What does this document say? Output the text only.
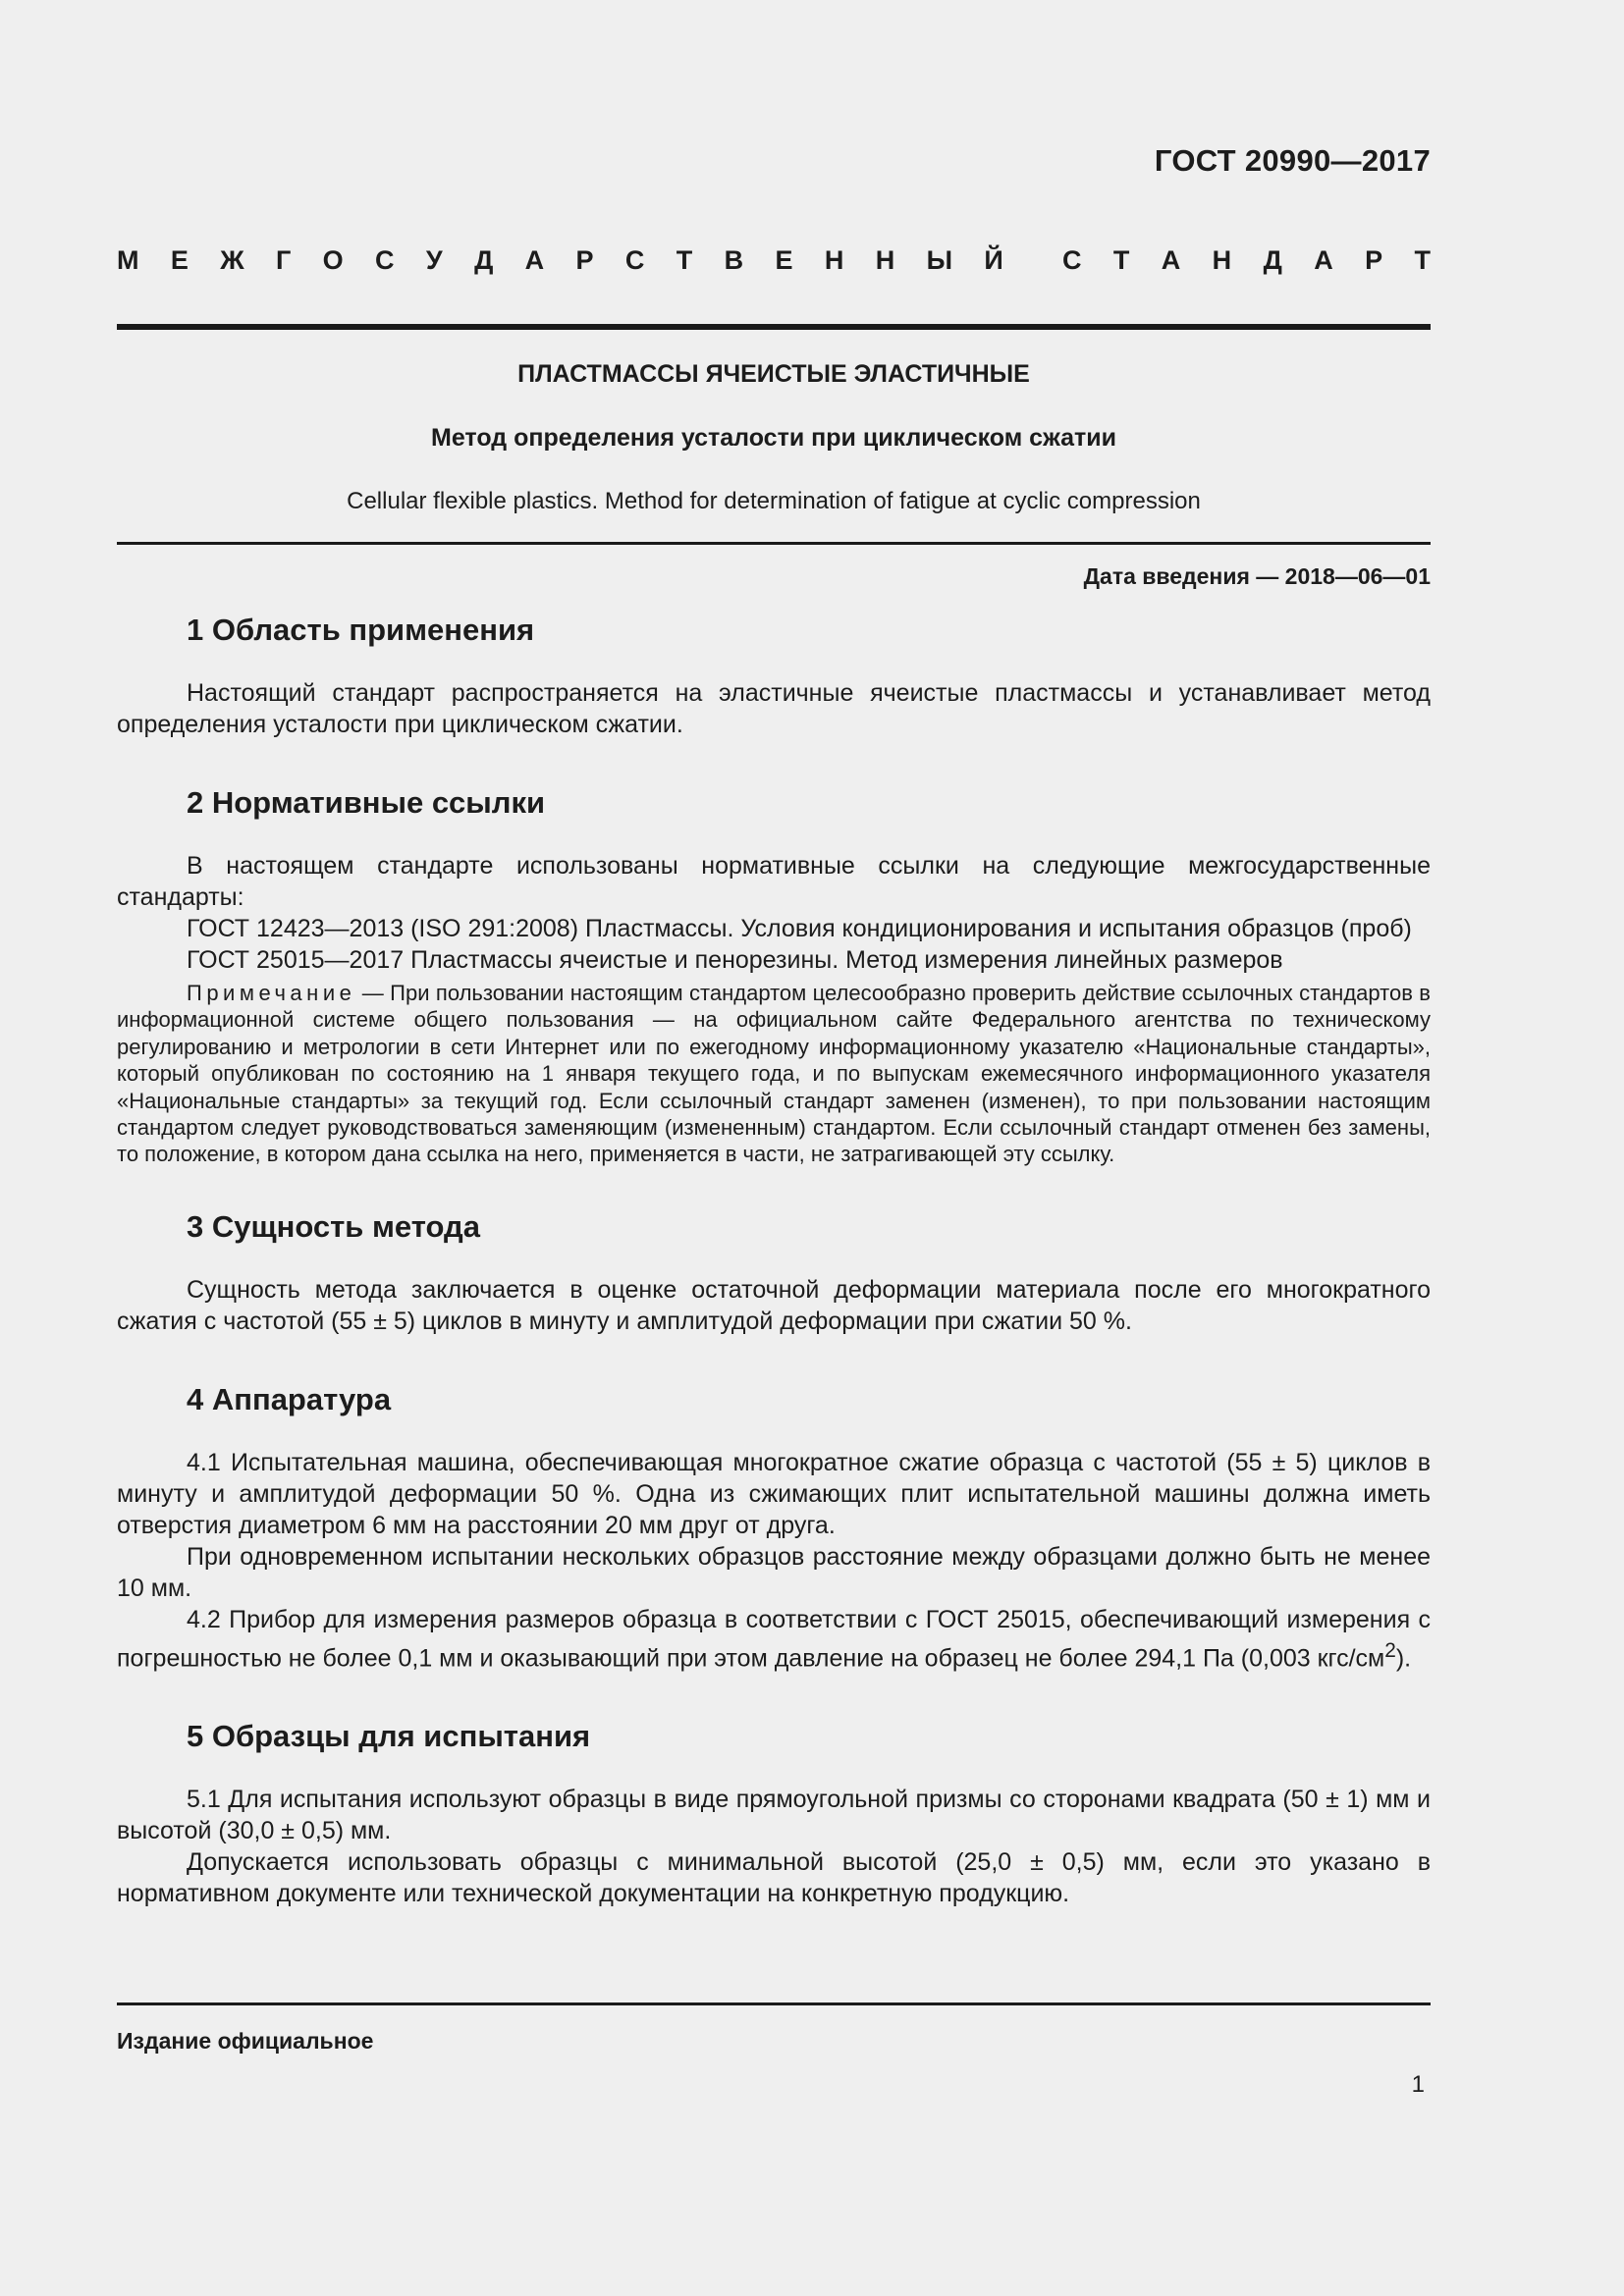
ГОСТ 20990—2017
М Е Ж Г О С У Д А Р С Т В Е Н Н Ы Й С Т А Н Д А Р Т
ПЛАСТМАССЫ ЯЧЕИСТЫЕ ЭЛАСТИЧНЫЕ
Метод определения усталости при циклическом сжатии
Cellular flexible plastics. Method for determination of fatigue at cyclic compression
Дата введения — 2018—06—01
1 Область применения

Настоящий стандарт распространяется на эластичные ячеистые пластмассы и устанавливает метод определения усталости при циклическом сжатии.

2 Нормативные ссылки

В настоящем стандарте использованы нормативные ссылки на следующие межгосударственные стандарты:

ГОСТ 12423—2013 (ISO 291:2008) Пластмассы. Условия кондиционирования и испытания образцов (проб)

ГОСТ 25015—2017 Пластмассы ячеистые и пенорезины. Метод измерения линейных размеров

Примечание — При пользовании настоящим стандартом целесообразно проверить действие ссылочных стандартов в информационной системе общего пользования — на официальном сайте Федерального агентства по техническому регулированию и метрологии в сети Интернет или по ежегодному информационному указателю «Национальные стандарты», который опубликован по состоянию на 1 января текущего года, и по выпускам ежемесячного информационного указателя «Национальные стандарты» за текущий год. Если ссылочный стандарт заменен (изменен), то при пользовании настоящим стандартом следует руководствоваться заменяющим (измененным) стандартом. Если ссылочный стандарт отменен без замены, то положение, в котором дана ссылка на него, применяется в части, не затрагивающей эту ссылку.

3 Сущность метода

Сущность метода заключается в оценке остаточной деформации материала после его многократного сжатия с частотой (55 ± 5) циклов в минуту и амплитудой деформации при сжатии 50 %.

4 Аппаратура

4.1 Испытательная машина, обеспечивающая многократное сжатие образца с частотой (55 ± 5) циклов в минуту и амплитудой деформации 50 %. Одна из сжимающих плит испытательной машины должна иметь отверстия диаметром 6 мм на расстоянии 20 мм друг от друга.

При одновременном испытании нескольких образцов расстояние между образцами должно быть не менее 10 мм.

4.2 Прибор для измерения размеров образца в соответствии с ГОСТ 25015, обеспечивающий измерения с погрешностью не более 0,1 мм и оказывающий при этом давление на образец не более 294,1 Па (0,003 кгс/$см^2$).

5 Образцы для испытания

5.1 Для испытания используют образцы в виде прямоугольной призмы со сторонами квадрата (50 ± 1) мм и высотой (30,0 ± 0,5) мм.

Допускается использовать образцы с минимальной высотой (25,0 ± 0,5) мм, если это указано в нормативном документе или технической документации на конкретную продукцию.

Издание официальное
1
